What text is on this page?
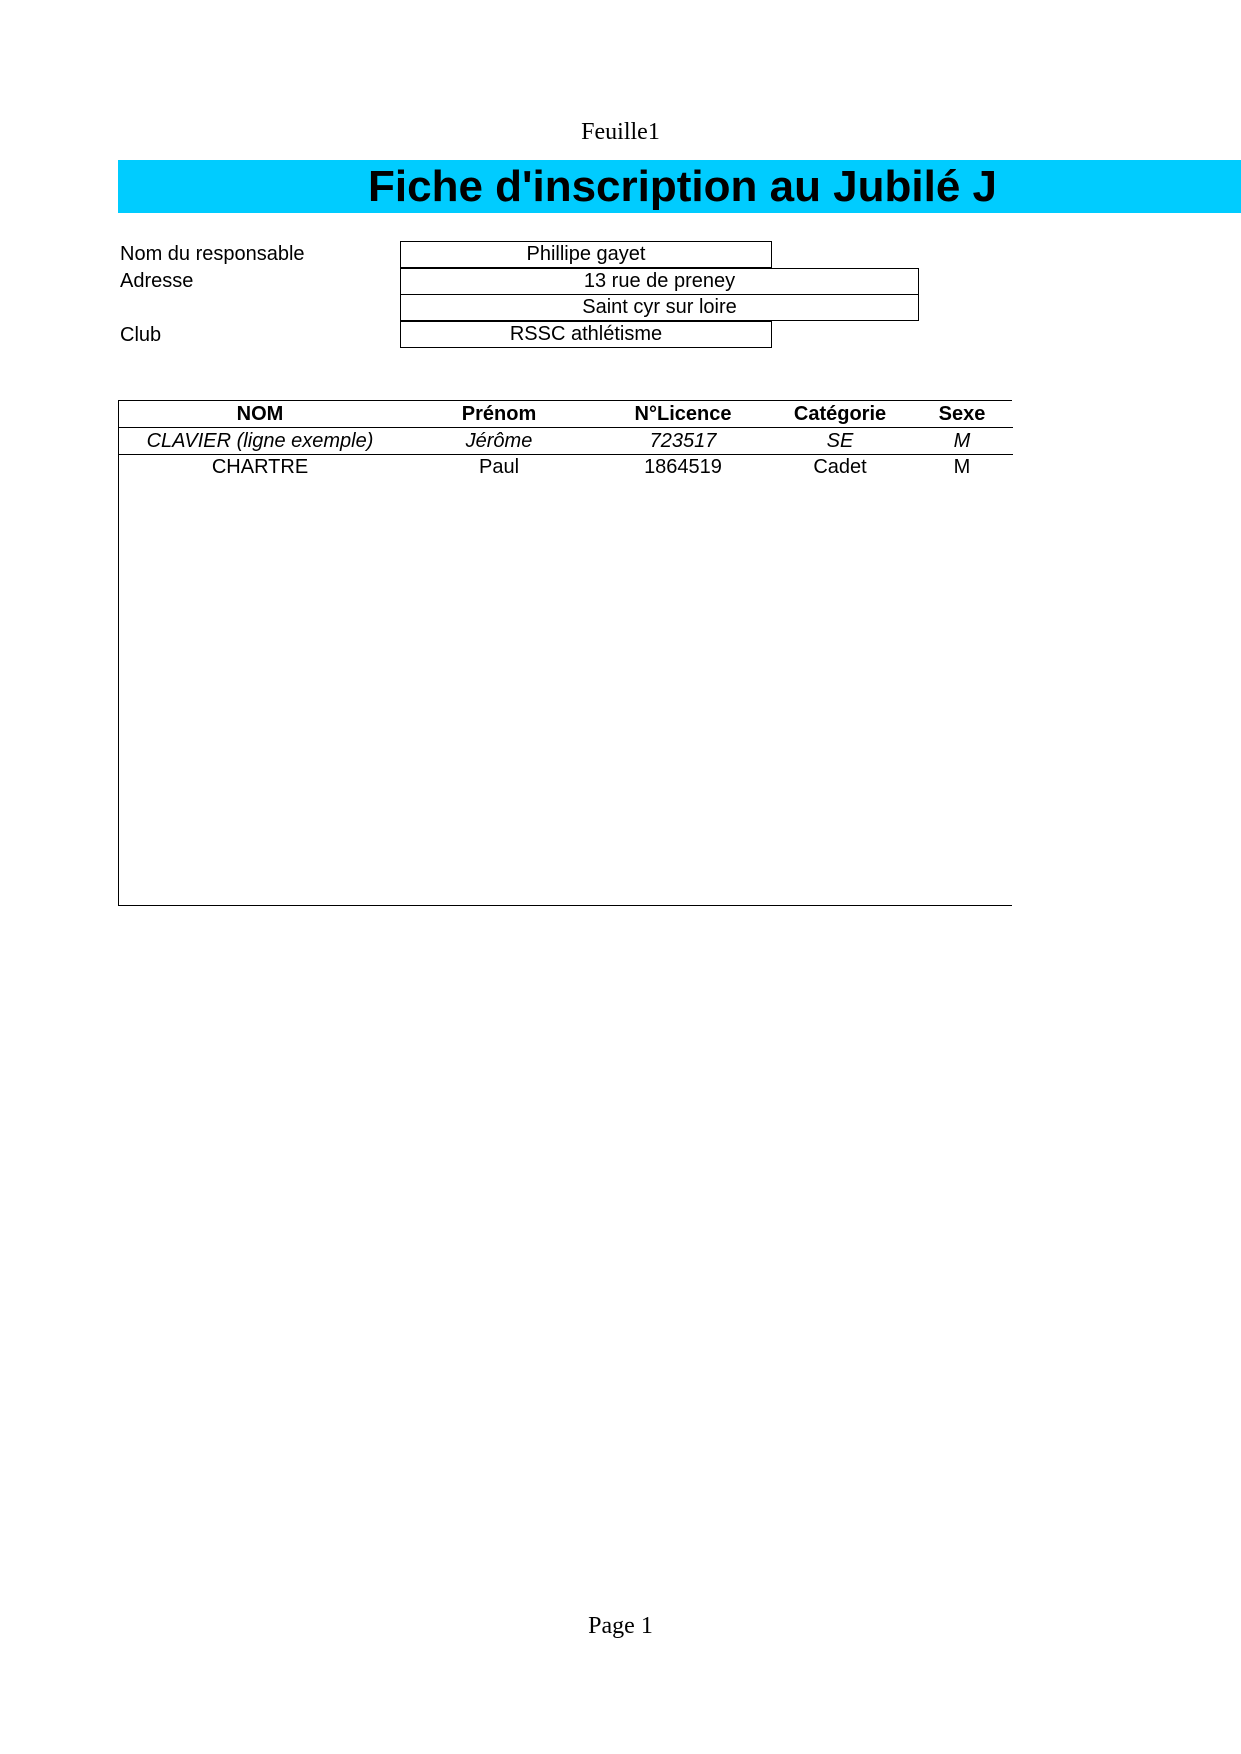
Feuille1
Fiche d'inscription au Jubilé J
Nom du responsable	Phillipe gayet
Adresse	13 rue de preney
Saint cyr sur loire
Club	RSSC athlétisme
NOM	Prénom	N°Licence	Catégorie	Sexe
CLAVIER (ligne exemple)	Jérôme	723517	SE	M
CHARTRE	Paul	1864519	Cadet	M
Page 1
